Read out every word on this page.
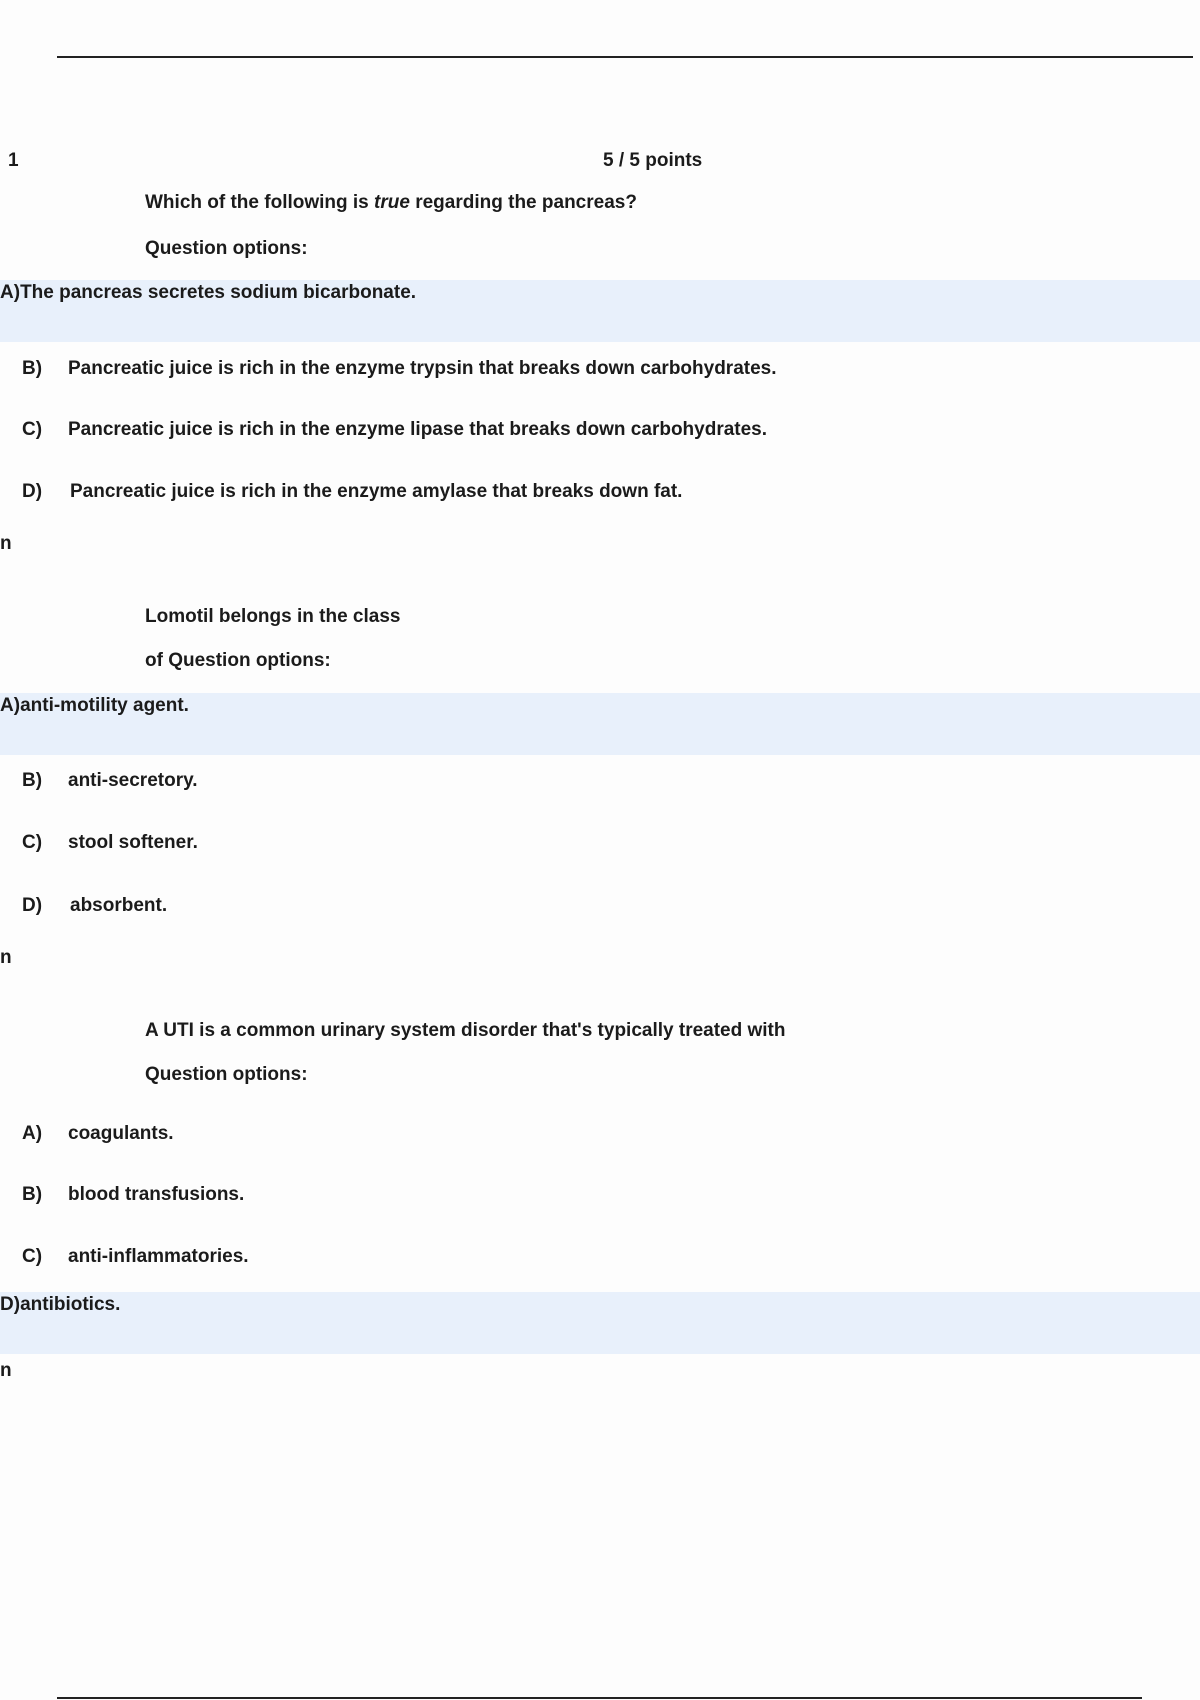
1	5 / 5 points
Which of the following is true regarding the pancreas?
Question options:
A)The pancreas secretes sodium bicarbonate.
B) Pancreatic juice is rich in the enzyme trypsin that breaks down carbohydrates.
C) Pancreatic juice is rich in the enzyme lipase that breaks down carbohydrates.
D) Pancreatic juice is rich in the enzyme amylase that breaks down fat.
n
Lomotil belongs in the class
of Question options:
A)anti-motility agent.
B) anti-secretory.
C) stool softener.
D) absorbent.
n
A UTI is a common urinary system disorder that's typically treated with
Question options:
A) coagulants.
B) blood transfusions.
C) anti-inflammatories.
D)antibiotics.
n
